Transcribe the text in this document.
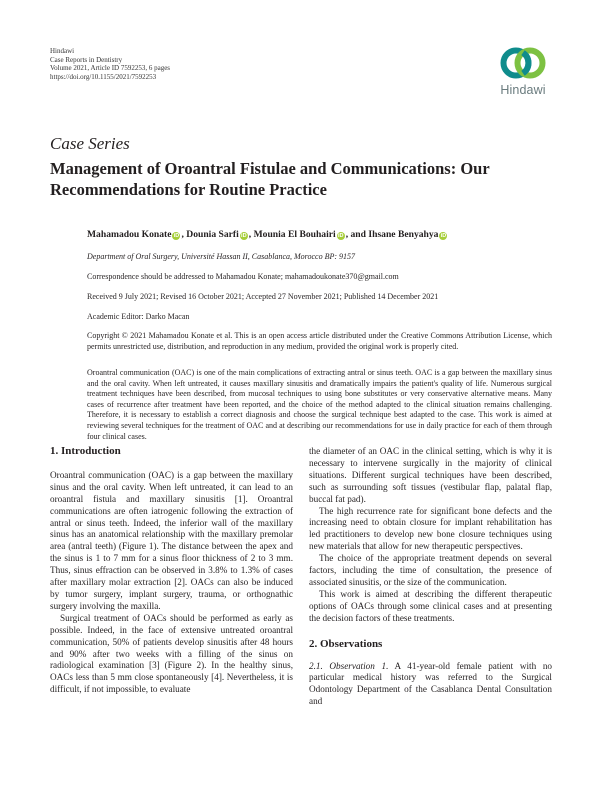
Hindawi
Case Reports in Dentistry
Volume 2021, Article ID 7592253, 6 pages
https://doi.org/10.1155/2021/7592253
Hindawi
Case Series
Management of Oroantral Fistulae and Communications: Our Recommendations for Routine Practice
Mahamadou Konate iD , Dounia Sarfi iD , Mounia El Bouhairi iD , and Ihsane Benyahya iD
Department of Oral Surgery, Université Hassan II, Casablanca, Morocco BP: 9157
Correspondence should be addressed to Mahamadou Konate; mahamadoukonate370@gmail.com
Received 9 July 2021; Revised 16 October 2021; Accepted 27 November 2021; Published 14 December 2021
Academic Editor: Darko Macan
Copyright © 2021 Mahamadou Konate et al. This is an open access article distributed under the Creative Commons Attribution License, which permits unrestricted use, distribution, and reproduction in any medium, provided the original work is properly cited.
Oroantral communication (OAC) is one of the main complications of extracting antral or sinus teeth. OAC is a gap between the maxillary sinus and the oral cavity. When left untreated, it causes maxillary sinusitis and dramatically impairs the patient's quality of life. Numerous surgical treatment techniques have been described, from mucosal techniques to using bone substitutes or very conservative alternative means. Many cases of recurrence after treatment have been reported, and the choice of the method adapted to the clinical situation remains challenging. Therefore, it is necessary to establish a correct diagnosis and choose the surgical technique best adapted to the case. This work is aimed at reviewing several techniques for the treatment of OAC and at describing our recommendations for use in daily practice for each of them through four clinical cases.
1. Introduction

Oroantral communication (OAC) is a gap between the maxillary sinus and the oral cavity. When left untreated, it can lead to an oroantral fistula and maxillary sinusitis [1]. Oroantral communications are often iatrogenic following the extraction of antral or sinus teeth. Indeed, the inferior wall of the maxillary sinus has an anatomical relationship with the maxillary premolar area (antral teeth) (Figure 1). The distance between the apex and the sinus is 1 to 7 mm for a sinus floor thickness of 2 to 3 mm. Thus, sinus effraction can be observed in 3.8% to 1.3% of cases after maxillary molar extraction [2]. OACs can also be induced by tumor surgery, implant surgery, trauma, or orthognathic surgery involving the maxilla.

Surgical treatment of OACs should be performed as early as possible. Indeed, in the face of extensive untreated oroantral communication, 50% of patients develop sinusitis after 48 hours and 90% after two weeks with a filling of the sinus on radiological examination [3] (Figure 2). In the healthy sinus, OACs less than 5 mm close spontaneously [4]. Nevertheless, it is difficult, if not impossible, to evaluate

the diameter of an OAC in the clinical setting, which is why it is necessary to intervene surgically in the majority of clinical situations. Different surgical techniques have been described, such as surrounding soft tissues (vestibular flap, palatal flap, buccal fat pad).

The high recurrence rate for significant bone defects and the increasing need to obtain closure for implant rehabilitation has led practitioners to develop new bone closure techniques using new materials that allow for new therapeutic perspectives.

The choice of the appropriate treatment depends on several factors, including the time of consultation, the presence of associated sinusitis, or the size of the communication.

This work is aimed at describing the different therapeutic options of OACs through some clinical cases and at presenting the decision factors of these treatments.

2. Observations

2.1. Observation 1. A 41-year-old female patient with no particular medical history was referred to the Surgical Odontology Department of the Casablanca Dental Consultation and
